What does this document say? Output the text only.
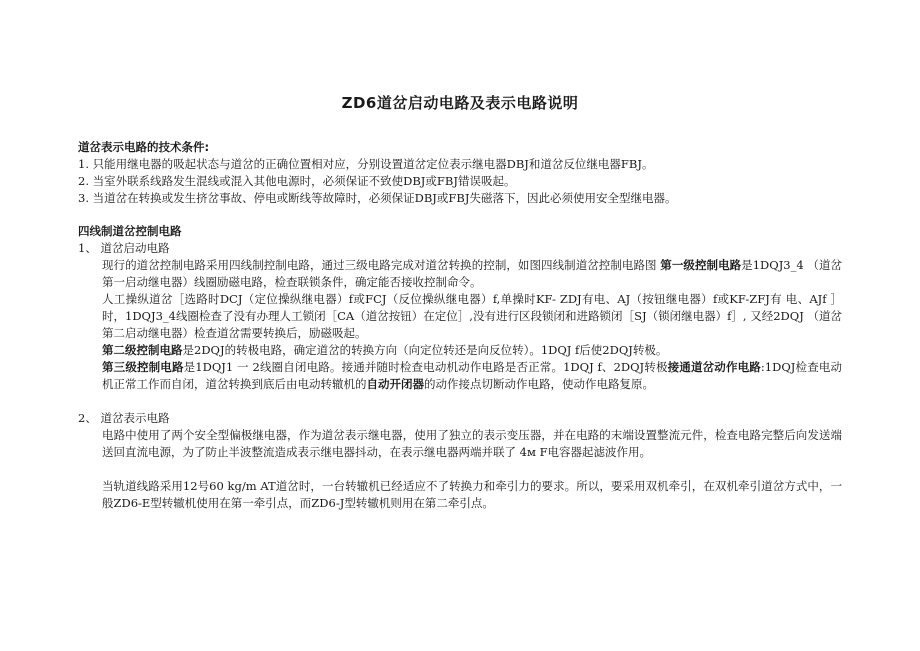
ZD6道岔启动电路及表示电路说明

道岔表示电路的技术条件:

1. 只能用继电器的吸起状态与道岔的正确位置相对应，分别设置道岔定位表示继电器DBJ和道岔反位继电器FBJ。

2. 当室外联系线路发生混线或混入其他电源时，必须保证不致使DBJ或FBJ错误吸起。

3. 当道岔在转换或发生挤岔事故、停电或断线等故障时，必须保证DBJ或FBJ失磁落下，因此必须使用安全型继电器。

四线制道岔控制电路

1、 道岔启动电路

现行的道岔控制电路采用四线制控制电路，通过三级电路完成对道岔转换的控制，如图四线制道岔控制电路图 第一级控制电路是1DQJ3_4 （道岔第一启动继电器）线圈励磁电路，检查联锁条件，确定能否接收控制命令。

人工操纵道岔［选路时DCJ（定位操纵继电器）f或FCJ（反位操纵继电器）f,单操时KF- ZDJ有电、AJ（按钮继电器）f或KF-ZFJ有 电、AJf ］时，1DQJ3_4线圈检查了没有办理人工锁闭［CA（道岔按钮）在定位］,没有进行区段锁闭和进路锁闭［SJ（锁闭继电器）f］, 又经2DQJ （道岔第二启动继电器）检查道岔需要转换后，励磁吸起。

第二级控制电路是2DQJ的转极电路，确定道岔的转换方向（向定位转还是向反位转）。1DQJ f后使2DQJ转极。

第三级控制电路是1DQJ1 一 2线圈自闭电路。接通并随时检查电动机动作电路是否正常。1DQJ f、2DQJ转极接通道岔动作电路:1DQJ检查电动机正常工作而自闭，道岔转换到底后由电动转辙机的自动开闭器的动作接点切断动作电路，使动作电路复原。

2、 道岔表示电路

电路中使用了两个安全型偏极继电器，作为道岔表示继电器，使用了独立的表示变压器，并在电路的末端设置整流元件，检查电路完整后向发送端送回直流电源，为了防止半波整流造成表示继电器抖动，在表示继电器两端并联了 4м F电容器起滤波作用。

当轨道线路采用12号60 kg/m AT道岔时，一台转辙机已经适应不了转换力和牵引力的要求。所以，要采用双机牵引，在双机牵引道岔方式中，一般ZD6-E型转辙机使用在第一牵引点，而ZD6-J型转辙机则用在第二牵引点。
